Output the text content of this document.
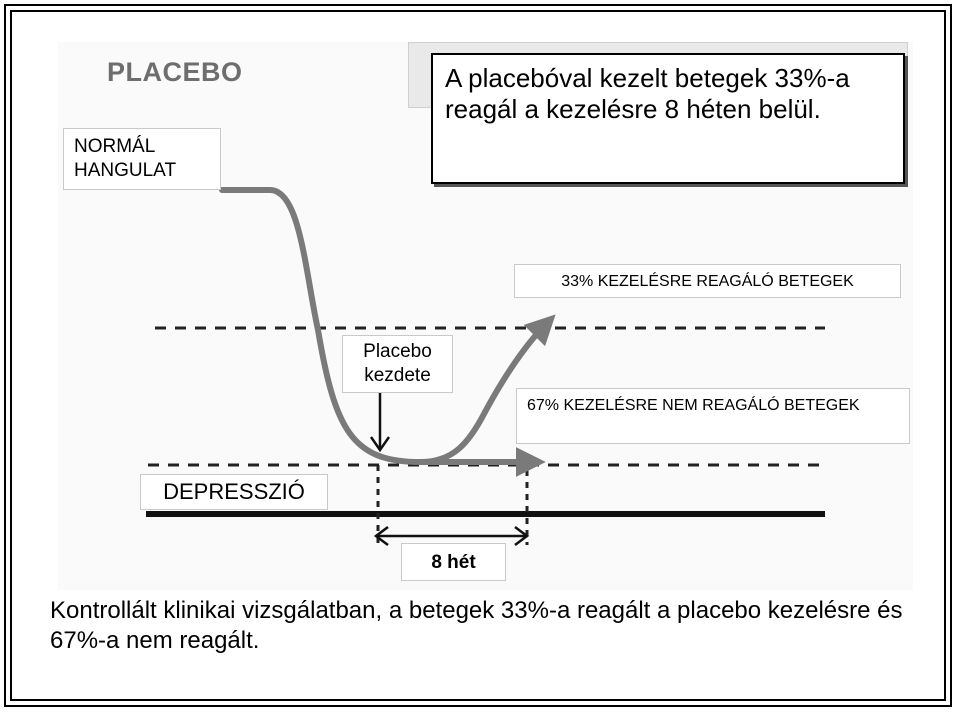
PLACEBO
NORMÁL HANGULAT
A placebóval kezelt betegek 33%-a reagál a kezelésre 8 héten belül.
33% KEZELÉSRE REAGÁLÓ BETEGEK
67% KEZELÉSRE NEM REAGÁLÓ BETEGEK
Placebo kezdete
DEPRESSZIÓ
8 hét
Kontrollált klinikai vizsgálatban, a betegek 33%-a reagált a placebo kezelésre és 67%-a nem reagált.
